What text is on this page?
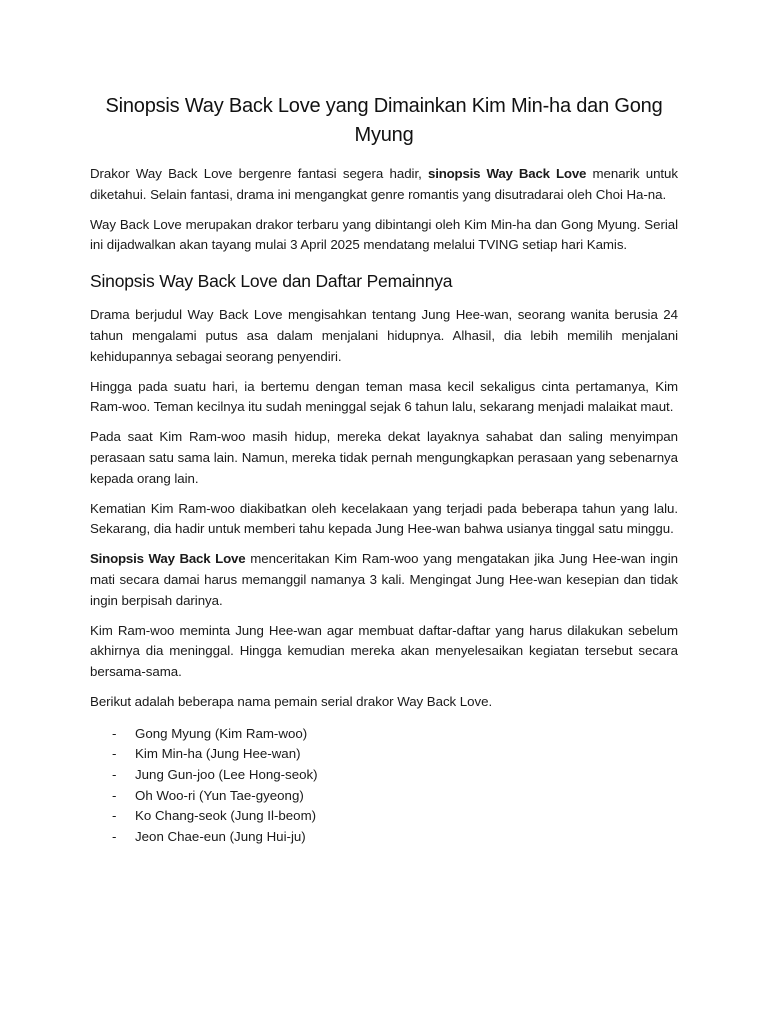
Sinopsis Way Back Love yang Dimainkan Kim Min-ha dan Gong Myung

Drakor Way Back Love bergenre fantasi segera hadir, sinopsis Way Back Love menarik untuk diketahui. Selain fantasi, drama ini mengangkat genre romantis yang disutradarai oleh Choi Ha-na.

Way Back Love merupakan drakor terbaru yang dibintangi oleh Kim Min-ha dan Gong Myung. Serial ini dijadwalkan akan tayang mulai 3 April 2025 mendatang melalui TVING setiap hari Kamis.

Sinopsis Way Back Love dan Daftar Pemainnya

Drama berjudul Way Back Love mengisahkan tentang Jung Hee-wan, seorang wanita berusia 24 tahun mengalami putus asa dalam menjalani hidupnya. Alhasil, dia lebih memilih menjalani kehidupannya sebagai seorang penyendiri.

Hingga pada suatu hari, ia bertemu dengan teman masa kecil sekaligus cinta pertamanya, Kim Ram-woo. Teman kecilnya itu sudah meninggal sejak 6 tahun lalu, sekarang menjadi malaikat maut.

Pada saat Kim Ram-woo masih hidup, mereka dekat layaknya sahabat dan saling menyimpan perasaan satu sama lain. Namun, mereka tidak pernah mengungkapkan perasaan yang sebenarnya kepada orang lain.

Kematian Kim Ram-woo diakibatkan oleh kecelakaan yang terjadi pada beberapa tahun yang lalu. Sekarang, dia hadir untuk memberi tahu kepada Jung Hee-wan bahwa usianya tinggal satu minggu.

Sinopsis Way Back Love menceritakan Kim Ram-woo yang mengatakan jika Jung Hee-wan ingin mati secara damai harus memanggil namanya 3 kali. Mengingat Jung Hee-wan kesepian dan tidak ingin berpisah darinya.

Kim Ram-woo meminta Jung Hee-wan agar membuat daftar-daftar yang harus dilakukan sebelum akhirnya dia meninggal. Hingga kemudian mereka akan menyelesaikan kegiatan tersebut secara bersama-sama.

Berikut adalah beberapa nama pemain serial drakor Way Back Love.

- Gong Myung (Kim Ram-woo)
- Kim Min-ha (Jung Hee-wan)
- Jung Gun-joo (Lee Hong-seok)
- Oh Woo-ri (Yun Tae-gyeong)
- Ko Chang-seok (Jung Il-beom)
- Jeon Chae-eun (Jung Hui-ju)
